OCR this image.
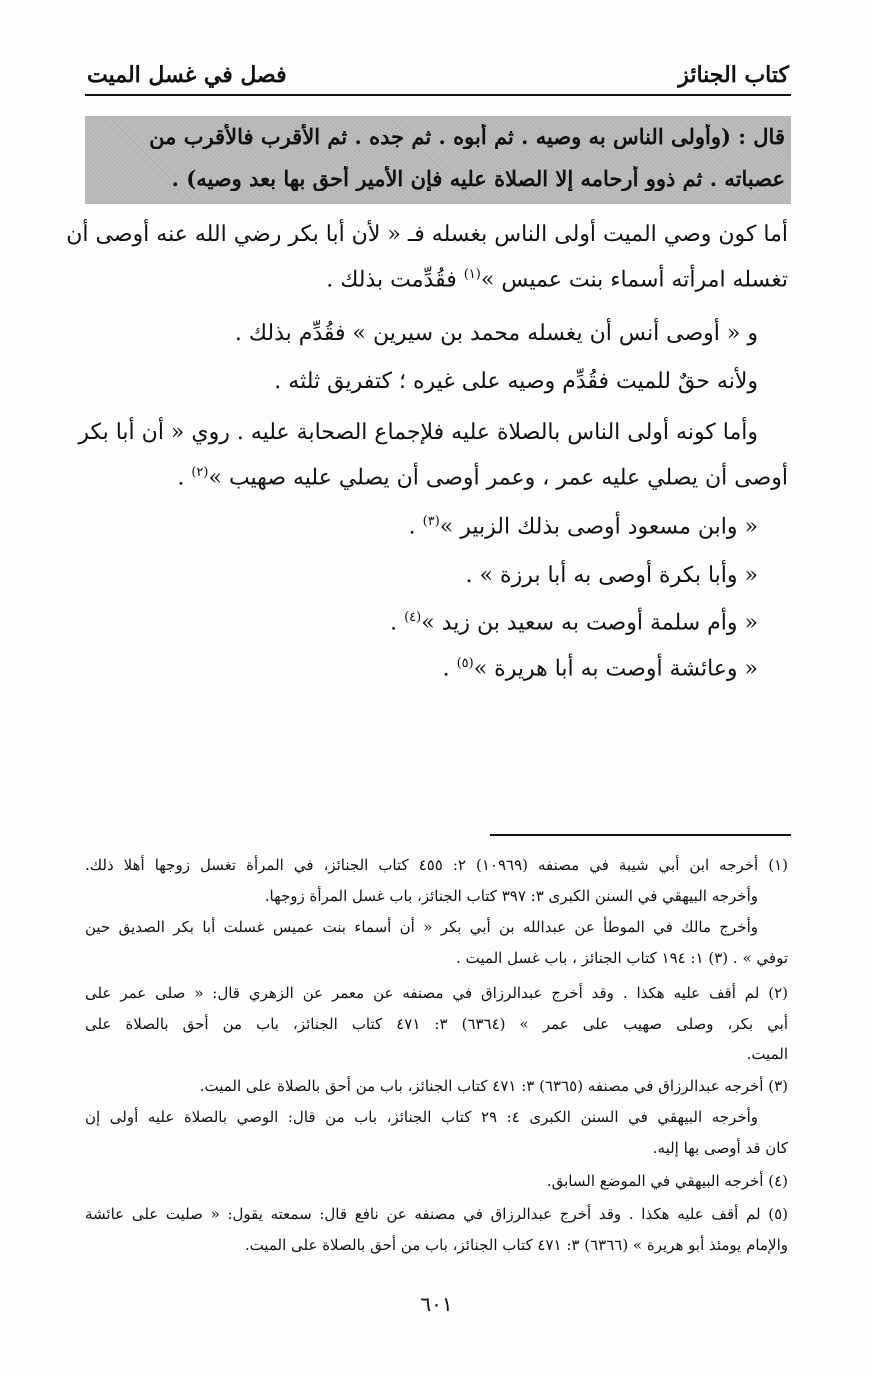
كتاب الجنائز
فصل في غسل الميت
قال : (وأولى الناس به وصيه . ثم أبوه . ثم جده . ثم الأقرب فالأقرب من
عصباته . ثم ذوو أرحامه إلا الصلاة عليه فإن الأمير أحق بها بعد وصيه) .
أما كون وصي الميت أولى الناس بغسله فـ « لأن أبا بكر رضي الله عنه أوصى أن
تغسله امرأته أسماء بنت عميس »$^{(١)}$ فقُدِّمت بذلك .
و « أوصى أنس أن يغسله محمد بن سيرين » فقُدِّم بذلك .
ولأنه حقٌ للميت فقُدِّم وصيه على غيره ؛ كتفريق ثلثه .
وأما كونه أولى الناس بالصلاة عليه فلإجماع الصحابة عليه . روي « أن أبا بكر
أوصى أن يصلي عليه عمر ، وعمر أوصى أن يصلي عليه صهيب »$^{(٢)}$ .
« وابن مسعود أوصى بذلك الزبير »$^{(٣)}$ .
« وأبا بكرة أوصى به أبا برزة » .
« وأم سلمة أوصت به سعيد بن زيد »$^{(٤)}$ .
« وعائشة أوصت به أبا هريرة »$^{(٥)}$ .
(١) أخرجه ابن أبي شيبة في مصنفه (١٠٩٦٩) ٢: ٤٥٥ كتاب الجنائز، في المرأة تغسل زوجها أهلا ذلك.
وأخرجه البيهقي في السنن الكبرى ٣: ٣٩٧ كتاب الجنائز، باب غسل المرأة زوجها.
وأخرج مالك في الموطأ عن عبدالله بن أبي بكر « أن أسماء بنت عميس غسلت أبا بكر الصديق حين
توفي » . (٣) ١: ١٩٤ كتاب الجنائز ، باب غسل الميت .
(٢) لم أقف عليه هكذا . وقد أخرج عبدالرزاق في مصنفه عن معمر عن الزهري قال: « صلى عمر على
أبي بكر، وصلى صهيب على عمر » (٦٣٦٤) ٣: ٤٧١ كتاب الجنائز، باب من أحق بالصلاة على
الميت.
(٣) أخرجه عبدالرزاق في مصنفه (٦٣٦٥) ٣: ٤٧١ كتاب الجنائز، باب من أحق بالصلاة على الميت.
وأخرجه البيهقي في السنن الكبرى ٤: ٢٩ كتاب الجنائز، باب من قال: الوصي بالصلاة عليه أولى إن
كان قد أوصى بها إليه.
(٤) أخرجه البيهقي في الموضع السابق.
(٥) لم أقف عليه هكذا . وقد أخرج عبدالرزاق في مصنفه عن نافع قال: سمعته يقول: « صليت على عائشة
والإمام يومئذ أبو هريرة » (٦٣٦٦) ٣: ٤٧١ كتاب الجنائز، باب من أحق بالصلاة على الميت.
٦٠١
